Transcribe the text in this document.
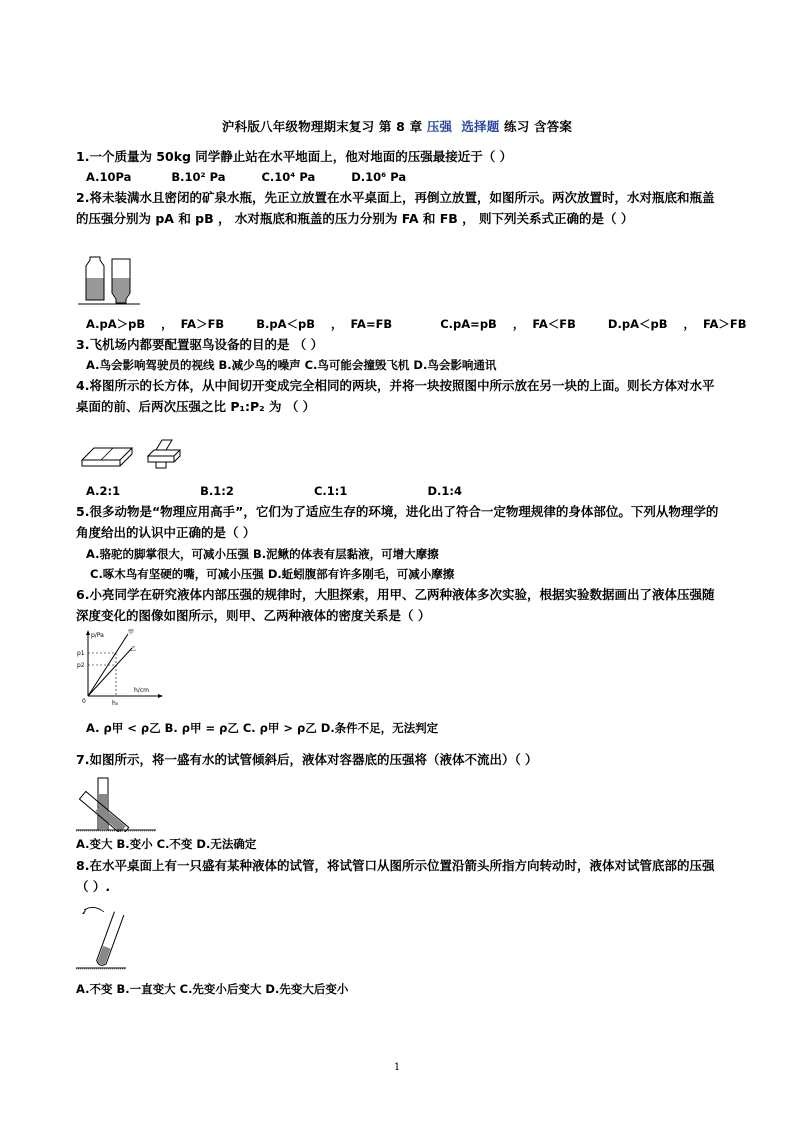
沪科版八年级物理期末复习 第 8 章 压强 选择题 练习 含答案
1.一个质量为 50kg 同学静止站在水平地面上，他对地面的压强最接近于（ ）
A.10Pa          B.10² Pa         C.10⁴ Pa         D.10⁶ Pa
2.将未装满水且密闭的矿泉水瓶，先正立放置在水平桌面上，再倒立放置，如图所示。两次放置时，水对瓶底和瓶盖的压强分别为 pA 和 pB ， 水对瓶底和瓶盖的压力分别为 FA 和 FB ， 则下列关系式正确的是（ ）
A.pA＞pB    ，  FA＞FB        B.pA＜pB    ，  FA=FB            C.pA=pB    ，  FA＜FB        D.pA＜pB    ，  FA＞FB
3.飞机场内都要配置驱鸟设备的目的是 （ ）
A.鸟会影响驾驶员的视线 B.减少鸟的噪声 C.鸟可能会撞毁飞机 D.鸟会影响通讯
4.将图所示的长方体，从中间切开变成完全相同的两块，并将一块按照图中所示放在另一块的上面。则长方体对水平桌面的前、后两次压强之比 P₁:P₂ 为 （ ）
A.2:1                    B.1:2                    C.1:1                    D.1:4
5.很多动物是“物理应用高手”，它们为了适应生存的环境，进化出了符合一定物理规律的身体部位。下列从物理学的角度给出的认识中正确的是（ ）
A.骆驼的脚掌很大，可减小压强 B.泥鳅的体表有层黏液，可增大摩擦
C.啄木鸟有坚硬的嘴，可减小压强 D.蚯蚓腹部有许多刚毛，可减小摩擦
6.小亮同学在研究液体内部压强的规律时，大胆探索，用甲、乙两种液体多次实验，根据实验数据画出了液体压强随深度变化的图像如图所示，则甲、乙两种液体的密度关系是（ ）
p/Pa
h/cm
甲
乙
p1
p2
h₀
0
A. ρ甲 < ρ乙 B. ρ甲 = ρ乙 C. ρ甲 > ρ乙 D.条件不足，无法判定
7.如图所示，将一盛有水的试管倾斜后，液体对容器底的压强将（液体不流出）（ ）
A.变大 B.变小 C.不变 D.无法确定
8.在水平桌面上有一只盛有某种液体的试管，将试管口从图所示位置沿箭头所指方向转动时，液体对试管底部的压强（ ）.
A.不变 B.一直变大 C.先变小后变大 D.先变大后变小
1
